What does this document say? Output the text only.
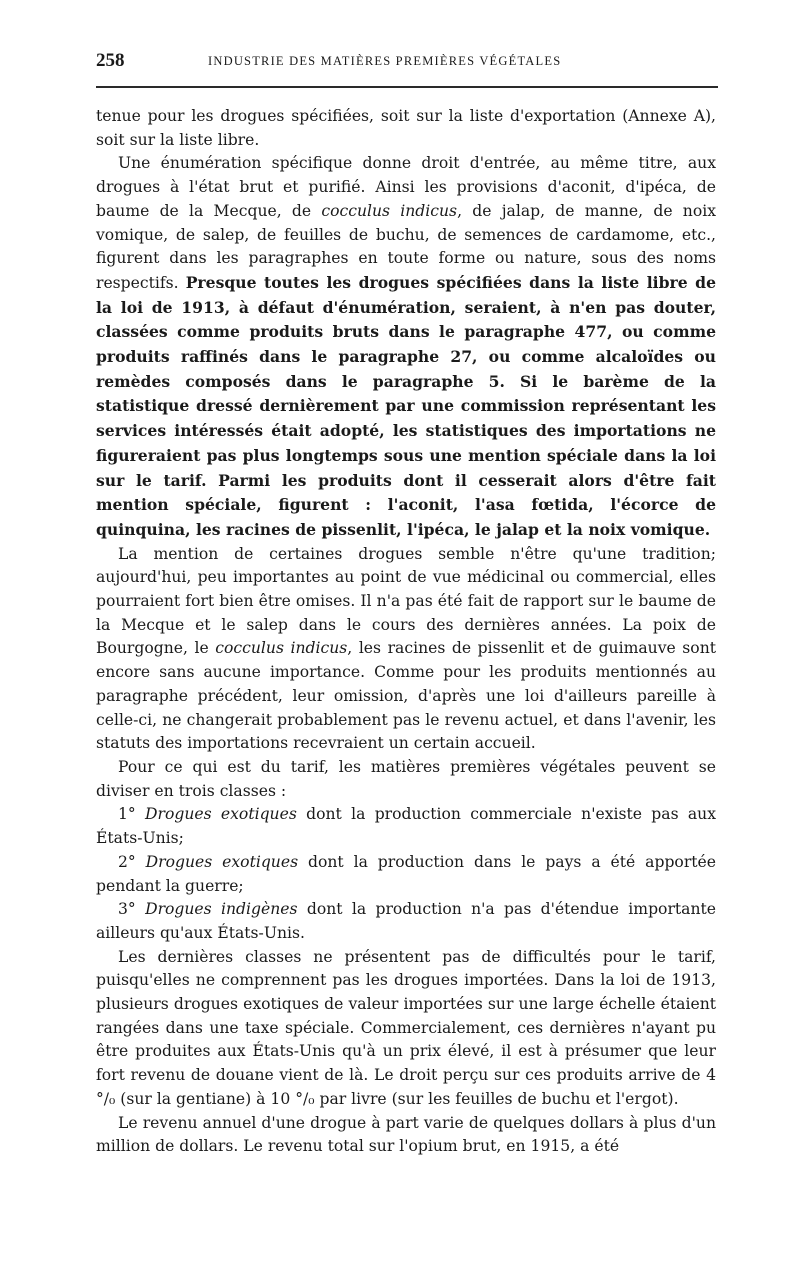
258	INDUSTRIE DES MATIÈRES PREMIÈRES VÉGÉTALES

tenue pour les drogues spécifiées, soit sur la liste d'exportation (Annexe A), soit sur la liste libre.

Une énumération spécifique donne droit d'entrée, au même titre, aux drogues à l'état brut et purifié. Ainsi les provisions d'aconit, d'ipéca, de baume de la Mecque, de cocculus indicus, de jalap, de manne, de noix vomique, de salep, de feuilles de buchu, de semences de cardamome, etc., figurent dans les paragraphes en toute forme ou nature, sous des noms respectifs. Presque toutes les drogues spécifiées dans la liste libre de la loi de 1913, à défaut d'énumération, seraient, à n'en pas douter, classées comme produits bruts dans le paragraphe 477, ou comme produits raffinés dans le paragraphe 27, ou comme alcaloïdes ou remèdes composés dans le paragraphe 5. Si le barème de la statistique dressé dernièrement par une commission représentant les services intéressés était adopté, les statistiques des importations ne figureraient pas plus longtemps sous une mention spéciale dans la loi sur le tarif. Parmi les produits dont il cesserait alors d'être fait mention spéciale, figurent : l'aconit, l'asa fœtida, l'écorce de quinquina, les racines de pissenlit, l'ipéca, le jalap et la noix vomique.

La mention de certaines drogues semble n'être qu'une tradition; aujourd'hui, peu importantes au point de vue médicinal ou commercial, elles pourraient fort bien être omises. Il n'a pas été fait de rapport sur le baume de la Mecque et le salep dans le cours des dernières années. La poix de Bourgogne, le cocculus indicus, les racines de pissenlit et de guimauve sont encore sans aucune importance. Comme pour les produits mentionnés au paragraphe précédent, leur omission, d'après une loi d'ailleurs pareille à celle-ci, ne changerait probablement pas le revenu actuel, et dans l'avenir, les statuts des importations recevraient un certain accueil.

Pour ce qui est du tarif, les matières premières végétales peuvent se diviser en trois classes :

1° Drogues exotiques dont la production commerciale n'existe pas aux États-Unis;

2° Drogues exotiques dont la production dans le pays a été apportée pendant la guerre;

3° Drogues indigènes dont la production n'a pas d'étendue importante ailleurs qu'aux États-Unis.

Les dernières classes ne présentent pas de difficultés pour le tarif, puisqu'elles ne comprennent pas les drogues importées. Dans la loi de 1913, plusieurs drogues exotiques de valeur importées sur une large échelle étaient rangées dans une taxe spéciale. Commercialement, ces dernières n'ayant pu être produites aux États-Unis qu'à un prix élevé, il est à présumer que leur fort revenu de douane vient de là. Le droit perçu sur ces produits arrive de 4 °/₀ (sur la gentiane) à 10 °/₀ par livre (sur les feuilles de buchu et l'ergot).

Le revenu annuel d'une drogue à part varie de quelques dollars à plus d'un million de dollars. Le revenu total sur l'opium brut, en 1915, a été
